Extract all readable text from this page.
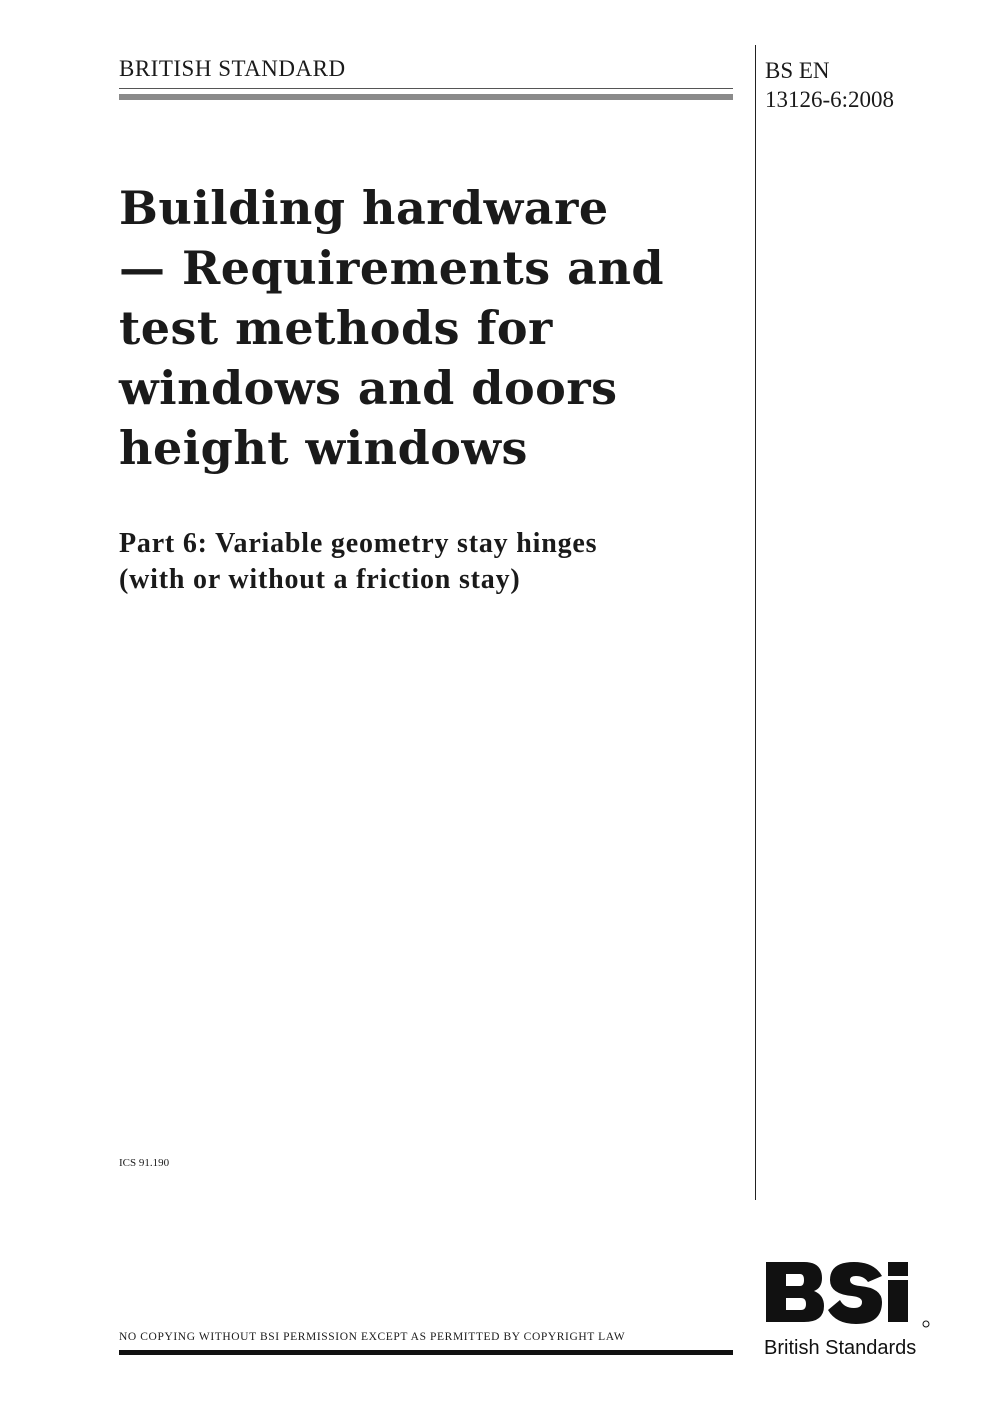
BRITISH STANDARD	BS EN
13126-6:2008
Building hardware
— Requirements and
test methods for
windows and doors
height windows
Part 6: Variable geometry stay hinges
(with or without a friction stay)
ICS 91.190
NO COPYING WITHOUT BSI PERMISSION EXCEPT AS PERMITTED BY COPYRIGHT LAW	British Standards
